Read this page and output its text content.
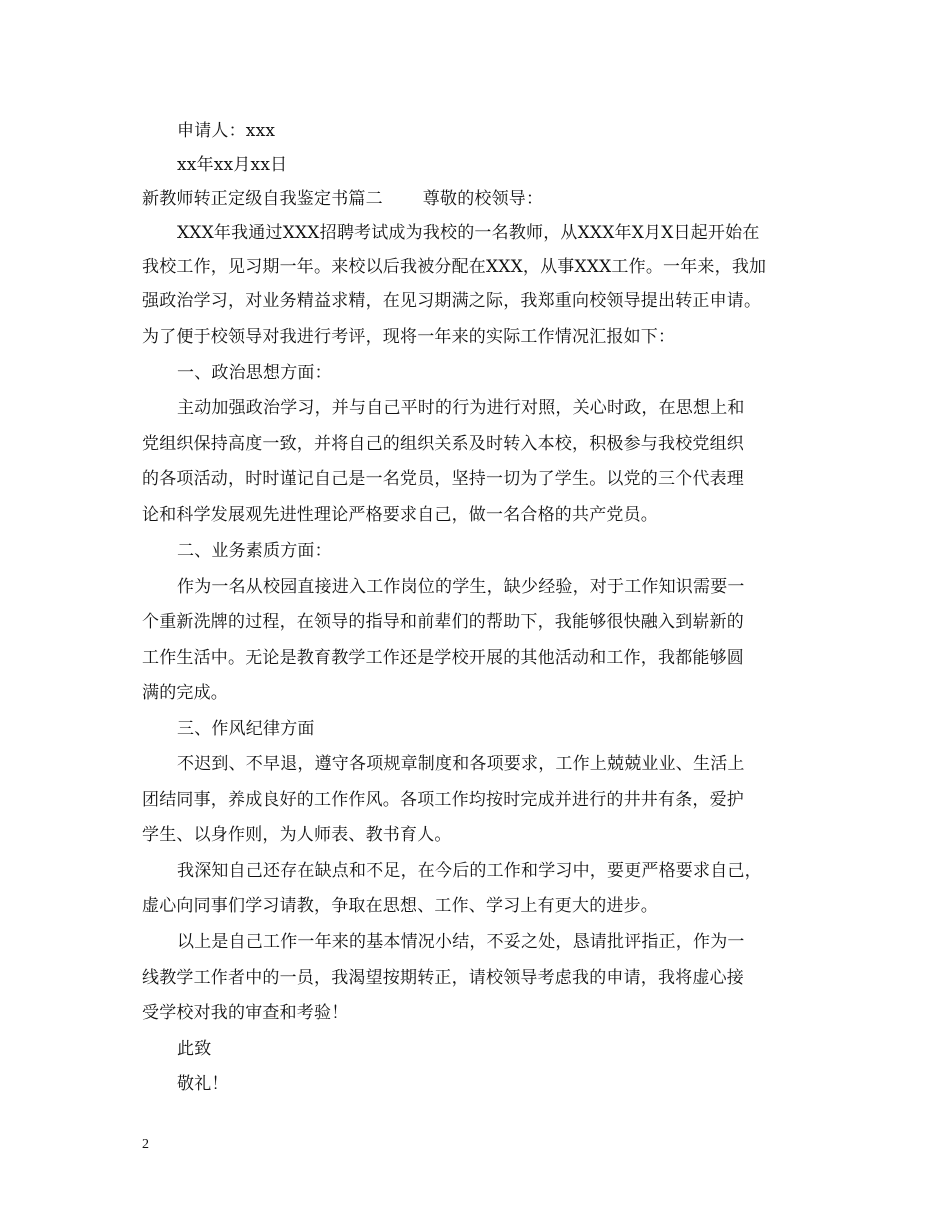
申请人：xxx
xx年xx月xx日
新教师转正定级自我鉴定书篇二　　 尊敬的校领导：
XXX年我通过XXX招聘考试成为我校的一名教师，从XXX年X月X日起开始在
我校工作，见习期一年。来校以后我被分配在XXX，从事XXX工作。一年来，我加
强政治学习，对业务精益求精，在见习期满之际，我郑重向校领导提出转正申请。
为了便于校领导对我进行考评，现将一年来的实际工作情况汇报如下：
一、政治思想方面：
主动加强政治学习，并与自己平时的行为进行对照，关心时政，在思想上和
党组织保持高度一致，并将自己的组织关系及时转入本校，积极参与我校党组织
的各项活动，时时谨记自己是一名党员，坚持一切为了学生。以党的三个代表理
论和科学发展观先进性理论严格要求自己，做一名合格的共产党员。
二、业务素质方面：
作为一名从校园直接进入工作岗位的学生，缺少经验，对于工作知识需要一
个重新洗牌的过程，在领导的指导和前辈们的帮助下，我能够很快融入到崭新的
工作生活中。无论是教育教学工作还是学校开展的其他活动和工作，我都能够圆
满的完成。
三、作风纪律方面
不迟到、不早退，遵守各项规章制度和各项要求，工作上兢兢业业、生活上
团结同事，养成良好的工作作风。各项工作均按时完成并进行的井井有条，爱护
学生、以身作则，为人师表、教书育人。
我深知自己还存在缺点和不足，在今后的工作和学习中，要更严格要求自己，
虚心向同事们学习请教，争取在思想、工作、学习上有更大的进步。
以上是自己工作一年来的基本情况小结，不妥之处，恳请批评指正，作为一
线教学工作者中的一员，我渴望按期转正，请校领导考虑我的申请，我将虚心接
受学校对我的审查和考验！
此致
敬礼！
2
